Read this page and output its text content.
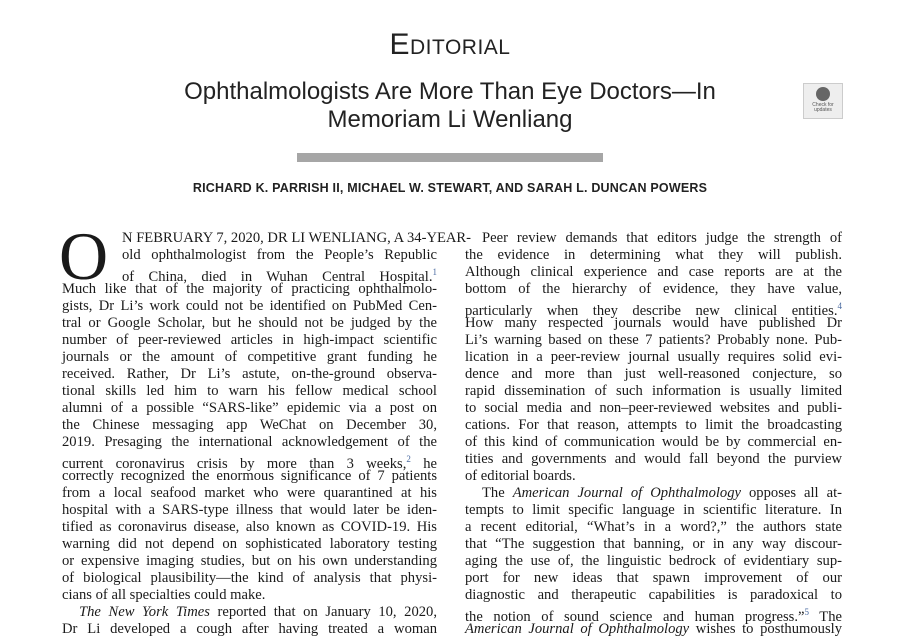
Editorial
Ophthalmologists Are More Than Eye Doctors—In
Memoriam Li Wenliang
Check for updates
RICHARD K. PARRISH II, MICHAEL W. STEWART, AND SARAH L. DUNCAN POWERS
O N FEBRUARY 7, 2020, DR LI WENLIANG, A 34-YEAR-
old ophthalmologist from the People’s Republic
of China, died in Wuhan Central Hospital.$^1$
Much like that of the majority of practicing ophthalmolo-
gists, Dr Li’s work could not be identified on PubMed Cen-
tral or Google Scholar, but he should not be judged by the
number of peer-reviewed articles in high-impact scientific
journals or the amount of competitive grant funding he
received. Rather, Dr Li’s astute, on-the-ground observa-
tional skills led him to warn his fellow medical school
alumni of a possible “SARS-like” epidemic via a post on
the Chinese messaging app WeChat on December 30,
2019. Presaging the international acknowledgement of the
current coronavirus crisis by more than 3 weeks,$^2$ he
correctly recognized the enormous significance of 7 patients
from a local seafood market who were quarantined at his
hospital with a SARS-type illness that would later be iden-
tified as coronavirus disease, also known as COVID-19. His
warning did not depend on sophisticated laboratory testing
or expensive imaging studies, but on his own understanding
of biological plausibility—the kind of analysis that physi-
cians of all specialties could make.
The New York Times reported that on January 10, 2020,
Dr Li developed a cough after having treated a woman
Peer review demands that editors judge the strength of
the evidence in determining what they will publish.
Although clinical experience and case reports are at the
bottom of the hierarchy of evidence, they have value,
particularly when they describe new clinical entities.$^4$
How many respected journals would have published Dr
Li’s warning based on these 7 patients? Probably none. Pub-
lication in a peer-review journal usually requires solid evi-
dence and more than just well-reasoned conjecture, so
rapid dissemination of such information is usually limited
to social media and non–peer-reviewed websites and publi-
cations. For that reason, attempts to limit the broadcasting
of this kind of communication would be by commercial en-
tities and governments and would fall beyond the purview
of editorial boards.
The American Journal of Ophthalmology opposes all at-
tempts to limit specific language in scientific literature. In
a recent editorial, “What’s in a word?,” the authors state
that “The suggestion that banning, or in any way discour-
aging the use of, the linguistic bedrock of evidentiary sup-
port for new ideas that spawn improvement of our
diagnostic and therapeutic capabilities is paradoxical to
the notion of sound science and human progress.”$^5$ The
American Journal of Ophthalmology wishes to posthumously
